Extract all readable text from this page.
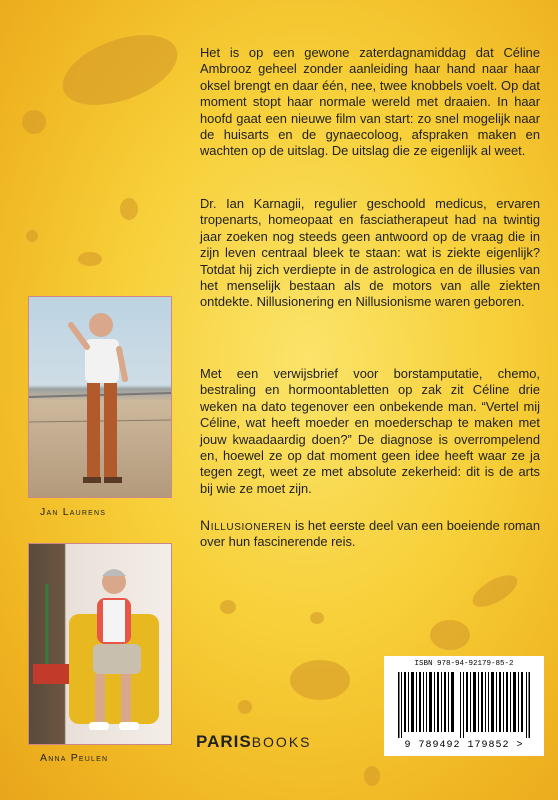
Het is op een gewone zaterdagnamiddag dat Céline Ambrooz geheel zonder aanleiding haar hand naar haar oksel brengt en daar één, nee, twee knobbels voelt. Op dat moment stopt haar normale wereld met draaien. In haar hoofd gaat een nieuwe film van start: zo snel mogelijk naar de huisarts en de gynaecoloog, afspraken maken en wachten op de uitslag. De uitslag die ze eigenlijk al weet.
Dr. Ian Karnagii, regulier geschoold medicus, ervaren tropenarts, homeopaat en fasciatherapeut had na twintig jaar zoeken nog steeds geen antwoord op de vraag die in zijn leven centraal bleek te staan: wat is ziekte eigenlijk? Totdat hij zich verdiepte in de astrologica en de illusies van het menselijk bestaan als de motors van alle ziekten ontdekte. Nillusionering en Nillusionisme waren geboren.
Met een verwijsbrief voor borstamputatie, chemo, bestraling en hormoontabletten op zak zit Céline drie weken na dato tegenover een onbekende man. “Vertel mij Céline, wat heeft moeder en moederschap te maken met jouw kwaadaardig doen?” De diagnose is overrompelend en, hoewel ze op dat moment geen idee heeft waar ze ja tegen zegt, weet ze met absolute zekerheid: dit is de arts bij wie ze moet zijn.
Nillusioneren is het eerste deel van een boeiende roman over hun fascinerende reis.
Jan Laurens
Anna Peulen
PARISBOOKS
ISBN 978-94-92179-85-2
9 789492 179852 >
